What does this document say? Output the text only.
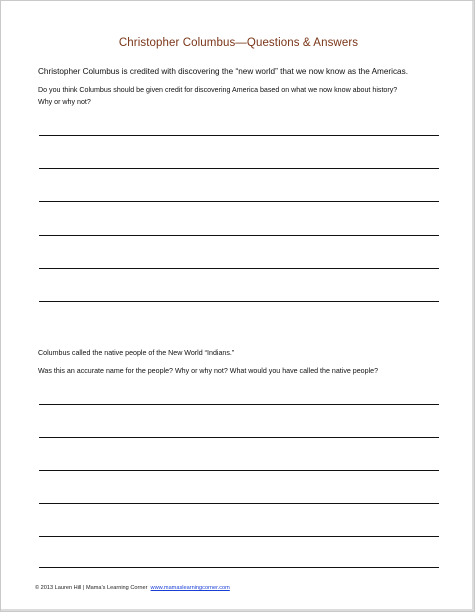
Christopher Columbus—Questions & Answers
Christopher Columbus is credited with discovering the “new world” that we now know as the Americas.
Do you think Columbus should be given credit for discovering America based on what we now know about history?
Why or why not?
Columbus called the native people of the New World “Indians.”
Was this an accurate name for the people? Why or why not? What would you have called the native people?
© 2013 Lauren Hill | Mama’s Learning Corner www.mamaslearningcorner.com
